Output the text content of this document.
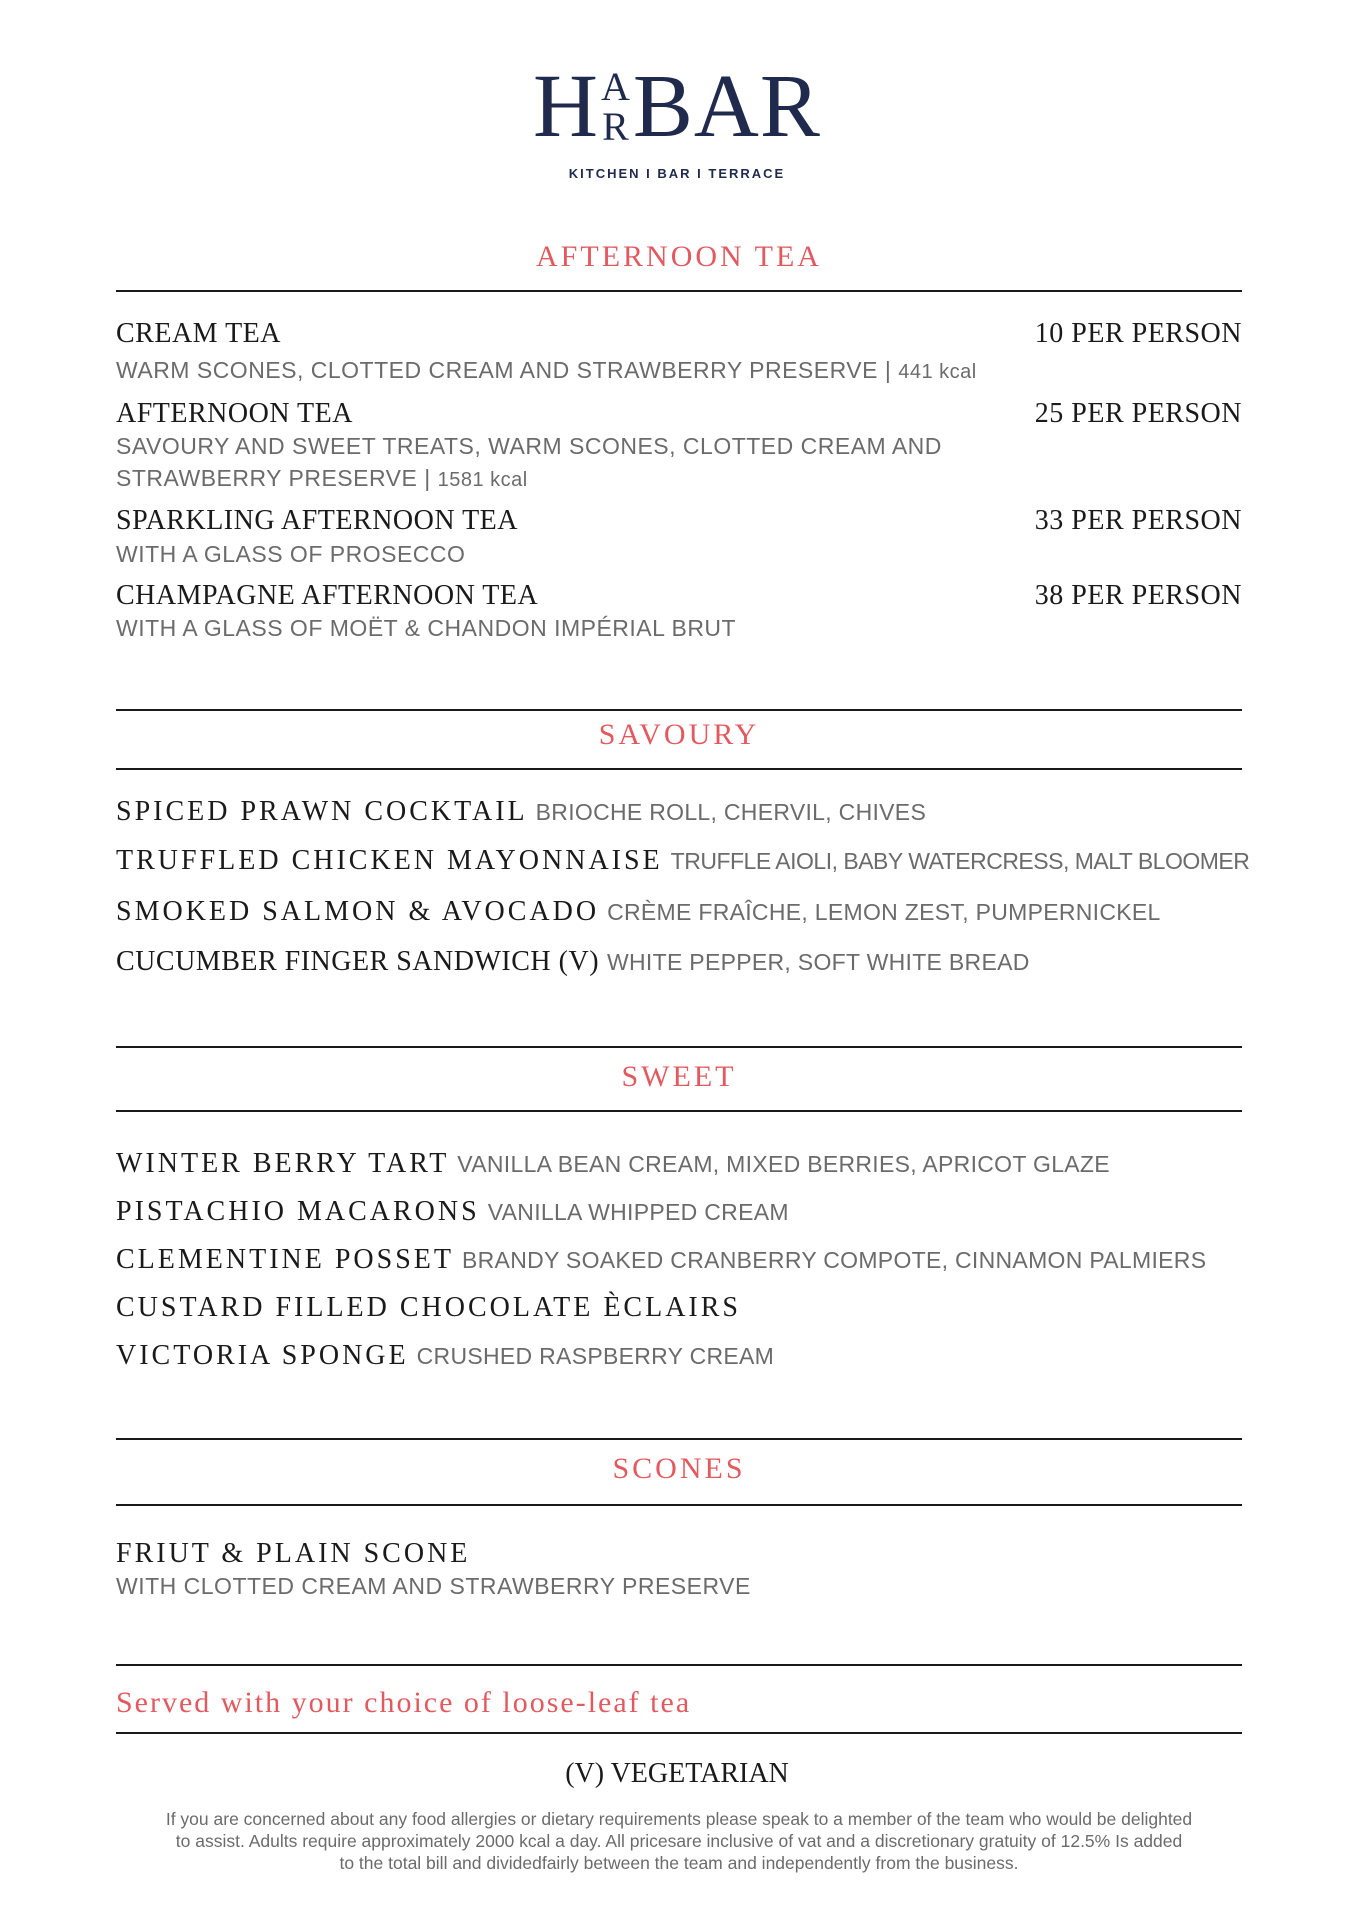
H A
R BAR
KITCHEN I BAR I TERRACE
AFTERNOON TEA
CREAM TEA	10 PER PERSON
WARM SCONES, CLOTTED CREAM AND STRAWBERRY PRESERVE | 441 kcal
AFTERNOON TEA	25 PER PERSON
SAVOURY AND SWEET TREATS, WARM SCONES, CLOTTED CREAM AND
STRAWBERRY PRESERVE | 1581 kcal
SPARKLING AFTERNOON TEA	33 PER PERSON
WITH A GLASS OF PROSECCO
CHAMPAGNE AFTERNOON TEA	38 PER PERSON
WITH A GLASS OF MOËT & CHANDON IMPÉRIAL BRUT
SAVOURY
SPICED PRAWN COCKTAIL BRIOCHE ROLL, CHERVIL, CHIVES
TRUFFLED CHICKEN MAYONNAISE TRUFFLE AIOLI, BABY WATERCRESS, MALT BLOOMER
SMOKED SALMON & AVOCADO CRÈME FRAÎCHE, LEMON ZEST, PUMPERNICKEL
CUCUMBER FINGER SANDWICH (V) WHITE PEPPER, SOFT WHITE BREAD
SWEET
WINTER BERRY TART VANILLA BEAN CREAM, MIXED BERRIES, APRICOT GLAZE
PISTACHIO MACARONS VANILLA WHIPPED CREAM
CLEMENTINE POSSET BRANDY SOAKED CRANBERRY COMPOTE, CINNAMON PALMIERS
CUSTARD FILLED CHOCOLATE ÈCLAIRS
VICTORIA SPONGE CRUSHED RASPBERRY CREAM
SCONES
FRIUT & PLAIN SCONE
WITH CLOTTED CREAM AND STRAWBERRY PRESERVE
Served with your choice of loose-leaf tea
(V) VEGETARIAN
If you are concerned about any food allergies or dietary requirements please speak to a member of the team who would be delighted
to assist. Adults require approximately 2000 kcal a day. All pricesare inclusive of vat and a discretionary gratuity of 12.5% Is added
to the total bill and dividedfairly between the team and independently from the business.
